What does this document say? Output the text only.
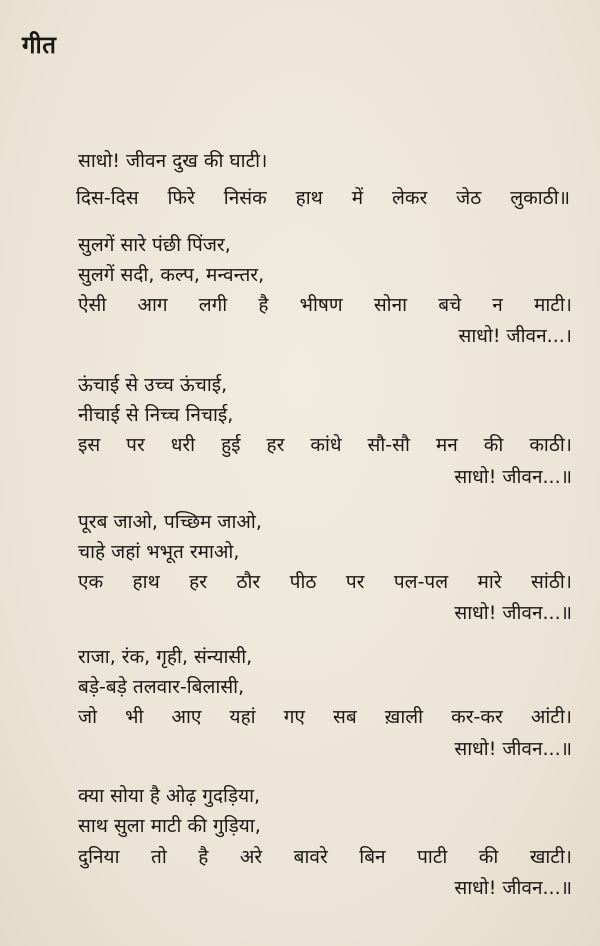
गीत
साधो! जीवन दुख की घाटी।
दिस-दिस फिरे निसंक हाथ में लेकर जेठ लुकाठी॥
सुलगें सारे पंछी पिंजर,
सुलगें सदी, कल्प, मन्वन्तर,
ऐसी आग लगी है भीषण सोना बचे न माटी।
साधो! जीवन...।
ऊंचाई से उच्च ऊंचाई,
नीचाई से निच्च निचाई,
इस पर धरी हुई हर कांधे सौ-सौ मन की काठी।
साधो! जीवन...॥
पूरब जाओ, पच्छिम जाओ,
चाहे जहां भभूत रमाओ,
एक हाथ हर ठौर पीठ पर पल-पल मारे सांठी।
साधो! जीवन...॥
राजा, रंक, गृही, संन्यासी,
बड़े-बड़े तलवार-बिलासी,
जो भी आए यहां गए सब ख़ाली कर-कर आंटी।
साधो! जीवन...॥
क्या सोया है ओढ़ गुदड़िया,
साथ सुला माटी की गुड़िया,
दुनिया तो है अरे बावरे बिन पाटी की खाटी।
साधो! जीवन...॥
